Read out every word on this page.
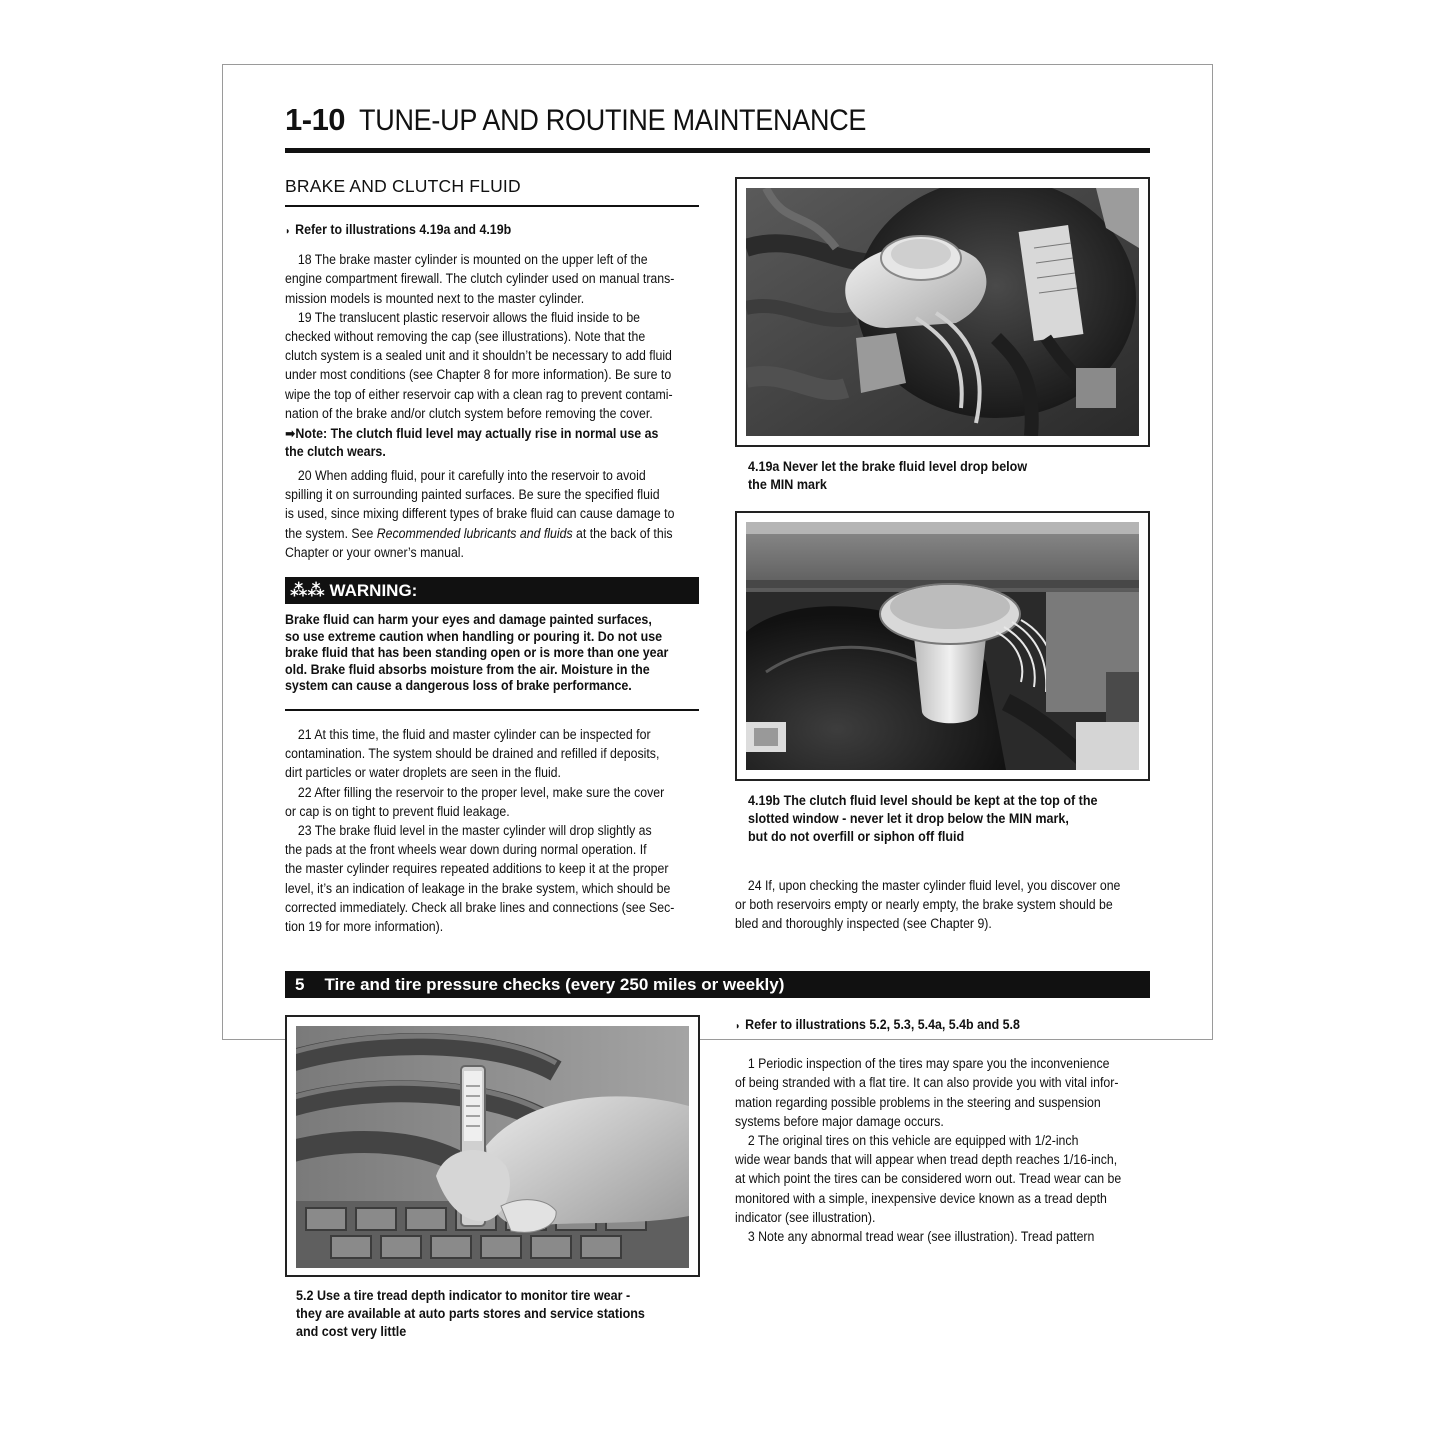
1-10 TUNE-UP AND ROUTINE MAINTENANCE
BRAKE AND CLUTCH FLUID
◗ Refer to illustrations 4.19a and 4.19b
18 The brake master cylinder is mounted on the upper left of the
engine compartment firewall. The clutch cylinder used on manual trans-
mission models is mounted next to the master cylinder.
19 The translucent plastic reservoir allows the fluid inside to be
checked without removing the cap (see illustrations). Note that the
clutch system is a sealed unit and it shouldn’t be necessary to add fluid
under most conditions (see Chapter 8 for more information). Be sure to
wipe the top of either reservoir cap with a clean rag to prevent contami-
nation of the brake and/or clutch system before removing the cover.
➡Note: The clutch fluid level may actually rise in normal use as
the clutch wears.
20 When adding fluid, pour it carefully into the reservoir to avoid
spilling it on surrounding painted surfaces. Be sure the specified fluid
is used, since mixing different types of brake fluid can cause damage to
the system. See Recommended lubricants and fluids at the back of this
Chapter or your owner’s manual.
⁂⁂ WARNING:
Brake fluid can harm your eyes and damage painted surfaces,
so use extreme caution when handling or pouring it. Do not use
brake fluid that has been standing open or is more than one year
old. Brake fluid absorbs moisture from the air. Moisture in the
system can cause a dangerous loss of brake performance.
21 At this time, the fluid and master cylinder can be inspected for
contamination. The system should be drained and refilled if deposits,
dirt particles or water droplets are seen in the fluid.
22 After filling the reservoir to the proper level, make sure the cover
or cap is on tight to prevent fluid leakage.
23 The brake fluid level in the master cylinder will drop slightly as
the pads at the front wheels wear down during normal operation. If
the master cylinder requires repeated additions to keep it at the proper
level, it’s an indication of leakage in the brake system, which should be
corrected immediately. Check all brake lines and connections (see Sec-
tion 19 for more information).
4.19a Never let the brake fluid level drop below
the MIN mark
4.19b The clutch fluid level should be kept at the top of the
slotted window - never let it drop below the MIN mark,
but do not overfill or siphon off fluid
24 If, upon checking the master cylinder fluid level, you discover one
or both reservoirs empty or nearly empty, the brake system should be
bled and thoroughly inspected (see Chapter 9).
5 Tire and tire pressure checks (every 250 miles or weekly)
5.2 Use a tire tread depth indicator to monitor tire wear -
they are available at auto parts stores and service stations
and cost very little
◗ Refer to illustrations 5.2, 5.3, 5.4a, 5.4b and 5.8
1 Periodic inspection of the tires may spare you the inconvenience
of being stranded with a flat tire. It can also provide you with vital infor-
mation regarding possible problems in the steering and suspension
systems before major damage occurs.
2 The original tires on this vehicle are equipped with 1/2-inch
wide wear bands that will appear when tread depth reaches 1/16-inch,
at which point the tires can be considered worn out. Tread wear can be
monitored with a simple, inexpensive device known as a tread depth
indicator (see illustration).
3 Note any abnormal tread wear (see illustration). Tread pattern
